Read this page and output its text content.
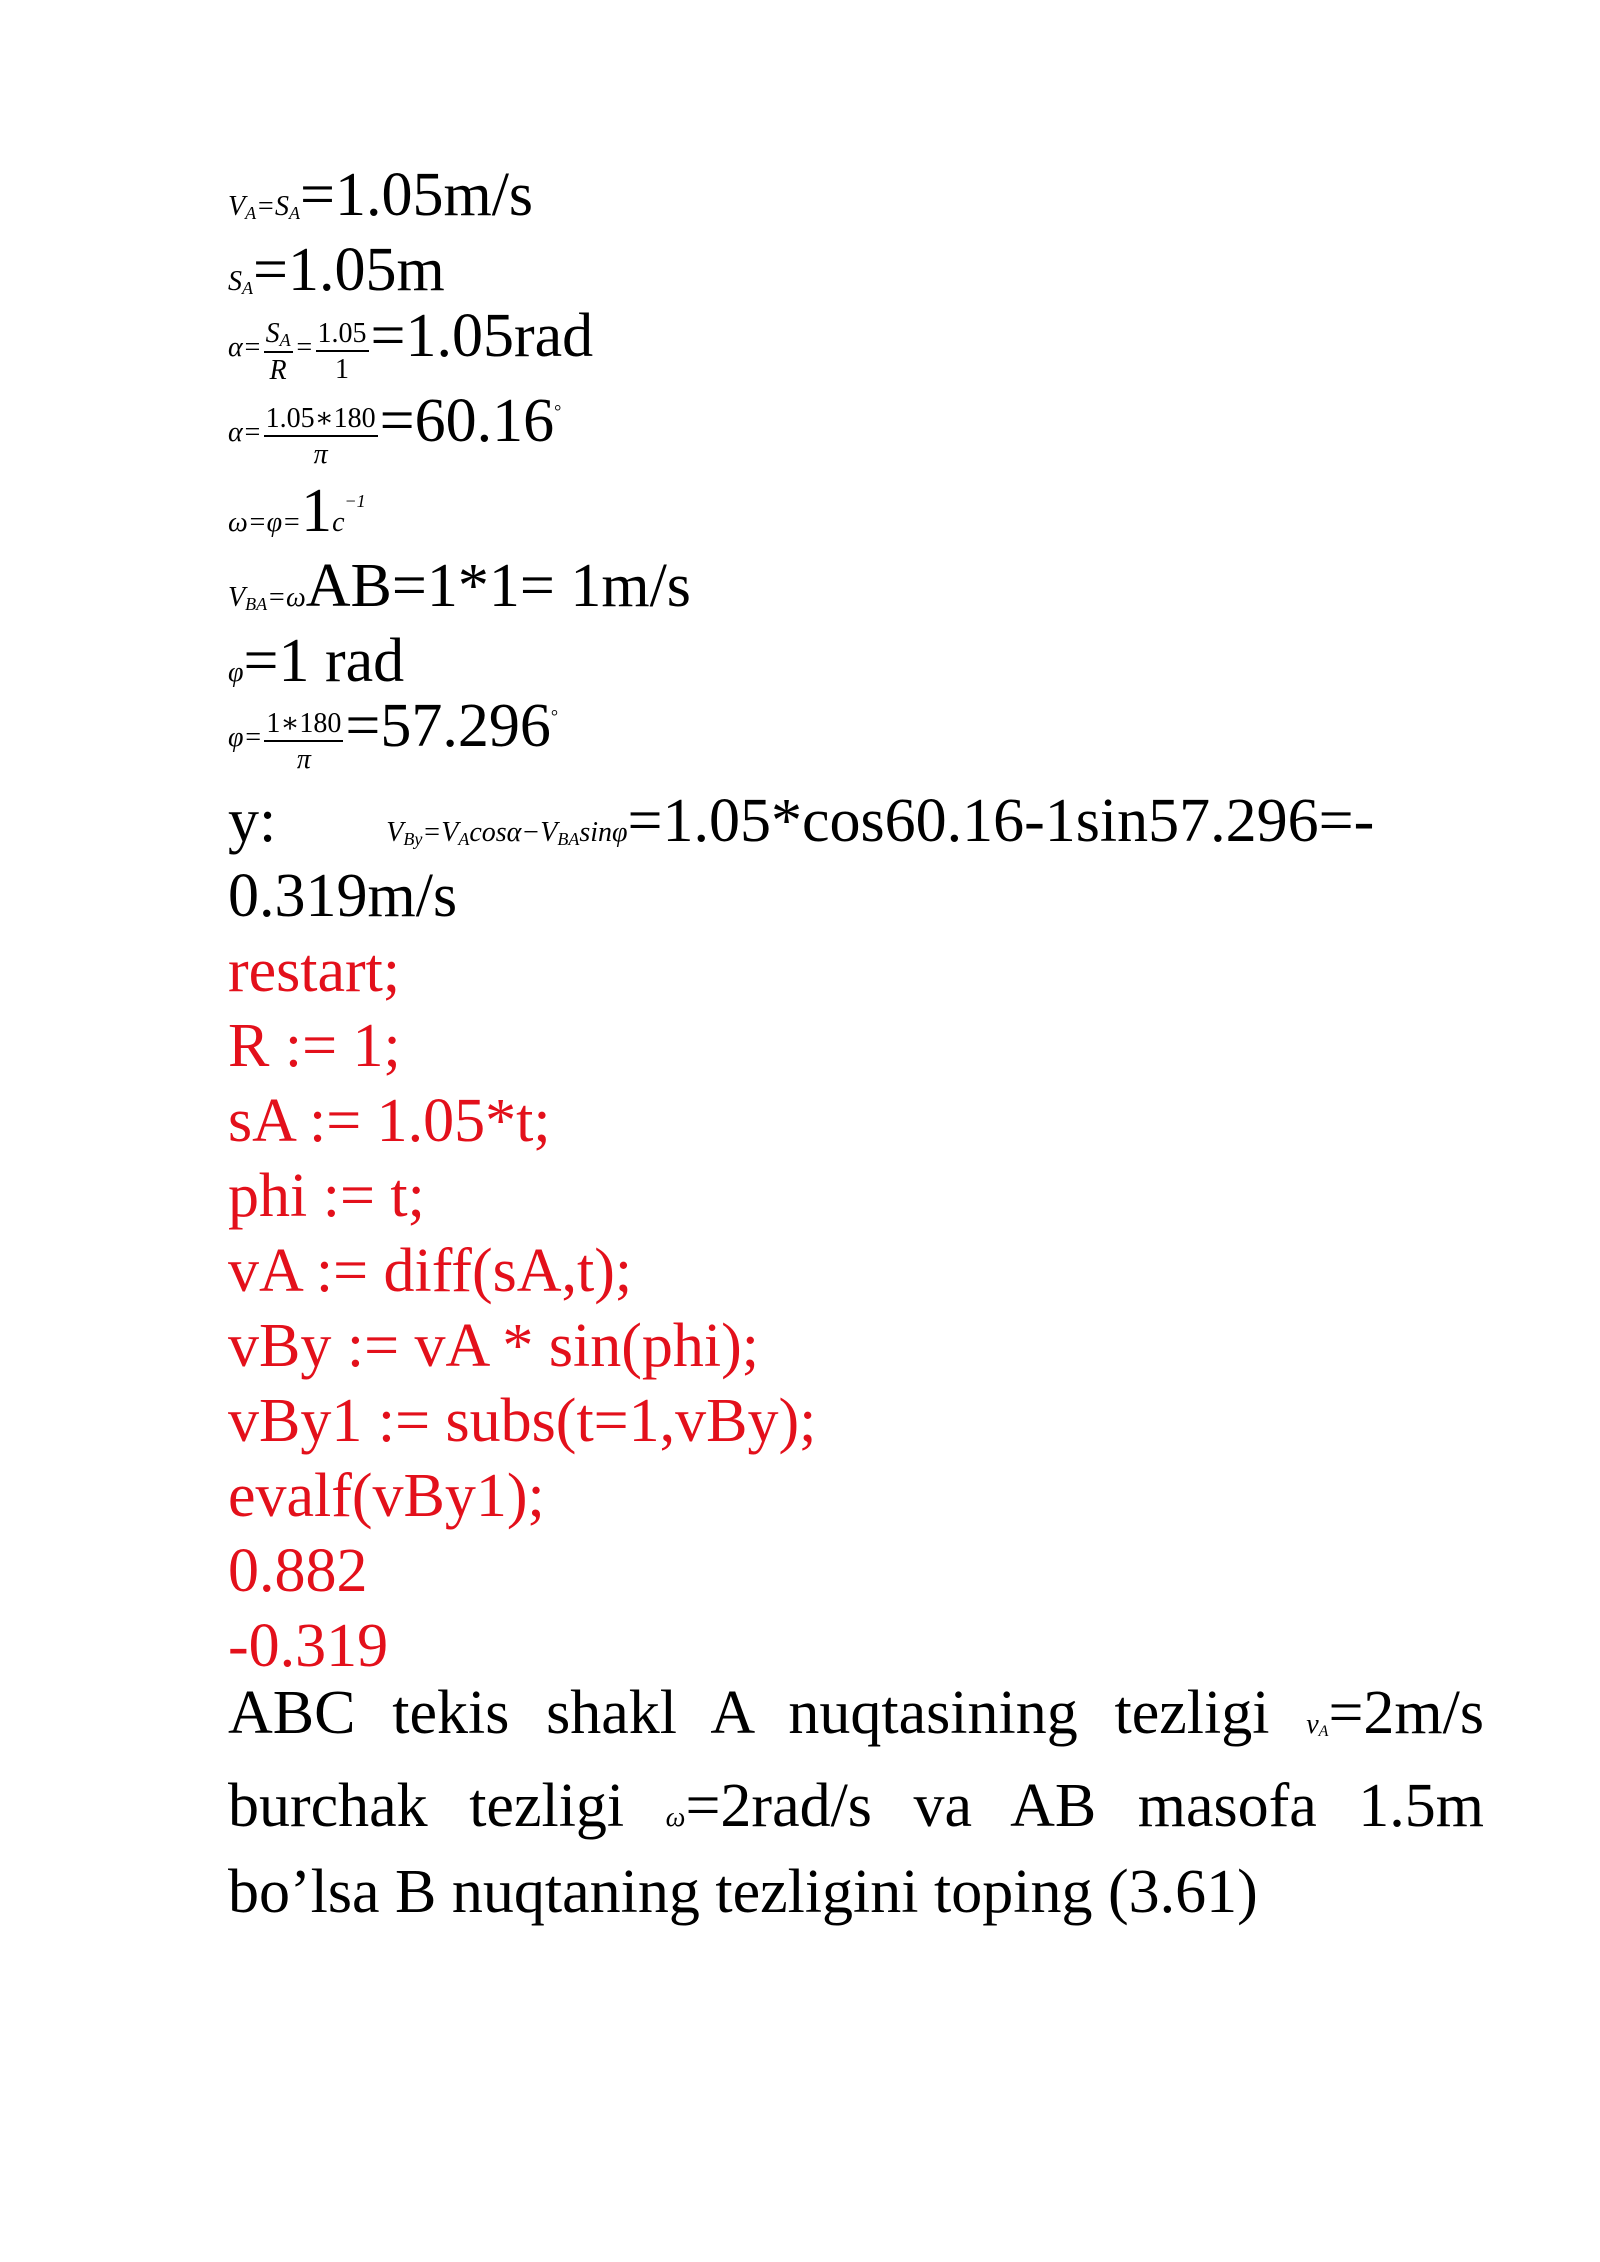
VA=SA=1.05m/s
SA=1.05m
$\alpha= \frac{S_A}{R} = \frac{1.05}{1} =1.05rad$
$\alpha= \frac{1.05∗180}{\pi} =60.16^\circ$
ω=φ=1c−1
VBA=ωAB=1*1= 1m/s
φ=1 rad
$\varphi= \frac{1∗180}{\pi} =57.296^\circ$
y:	VBy=VAcosα−VBAsinφ=1.05*cos60.16-1sin57.296=-
0.319m/s
restart;
R := 1;
sA := 1.05*t;
phi := t;
vA := diff(sA,t);
vBy := vA * sin(phi);
vBy1 := subs(t=1,vBy);
evalf(vBy1);
0.882
-0.319
ABC tekis shakl A nuqtasining tezligi vA=2m/s burchak tezligi ω=2rad/s va AB masofa 1.5m bo’lsa B nuqtaning tezligini toping (3.61)
